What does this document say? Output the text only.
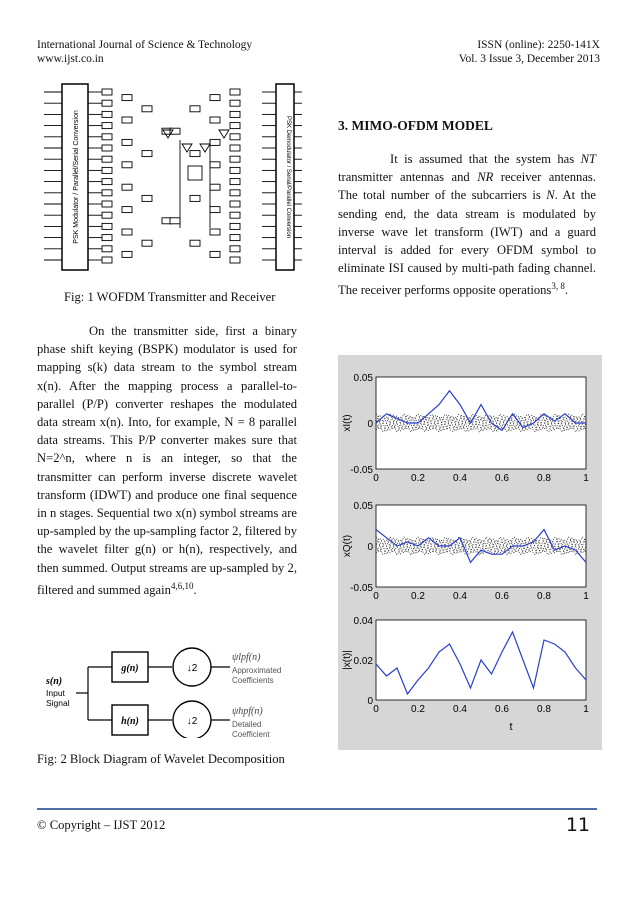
International Journal of Science & Technology
www.ijst.co.in
ISSN (online): 2250-141X
Vol. 3 Issue 3, December 2013
PSK Modulator / Parallel/Serial Conversion	PSK Demodulator / Serial/Parallel Conversion
Fig: 1 WOFDM Transmitter and Receiver

On the transmitter side, first a binary phase shift keying (BSPK) modulator is used for mapping s(k) data stream to the symbol stream x(n). After the mapping process a parallel-to-parallel (P/P) converter reshapes the modulated data stream x(n). Into, for example, N = 8 parallel data streams. This P/P converter makes sure that N=2^n, where n is an integer, so that the transmitter can perform inverse discrete wavelet transform (IDWT) and produce one final sequence in n stages. Sequential two x(n) symbol streams are up-sampled by the up-sampling factor 2, filtered by the wavelet filter g(n) or h(n), respectively, and then summed. Output streams are up-sampled by 2, filtered and summed again$^{4,6,10}$.

s(n)
Input
Signal
g(n)
h(n)
↓2
↓2
ψlpf(n)
Approximated
Coefficients
ψhpf(n)
Detailed
Coefficient
Fig: 2 Block Diagram of Wavelet Decomposition
3. MIMO-OFDM MODEL

It is assumed that the system has NT transmitter antennas and NR receiver antennas. The total number of the subcarriers is N. At the sending end, the data stream is modulated by inverse wave let transform (IWT) and a guard interval is added for every OFDM symbol to eliminate ISI caused by multi-path fading channel. The receiver performs opposite operations$^{3, 8}$.

0.05
0
-0.05
0	0.2	0.4	0.6	0.8	1
xI(t)
0.05
0
-0.05
0	0.2	0.4	0.6	0.8	1
xQ(t)
0.04
0.02
0
0	0.2	0.4	0.6	0.8	1
|x(t)|
t
© Copyright – IJST 2012	11
